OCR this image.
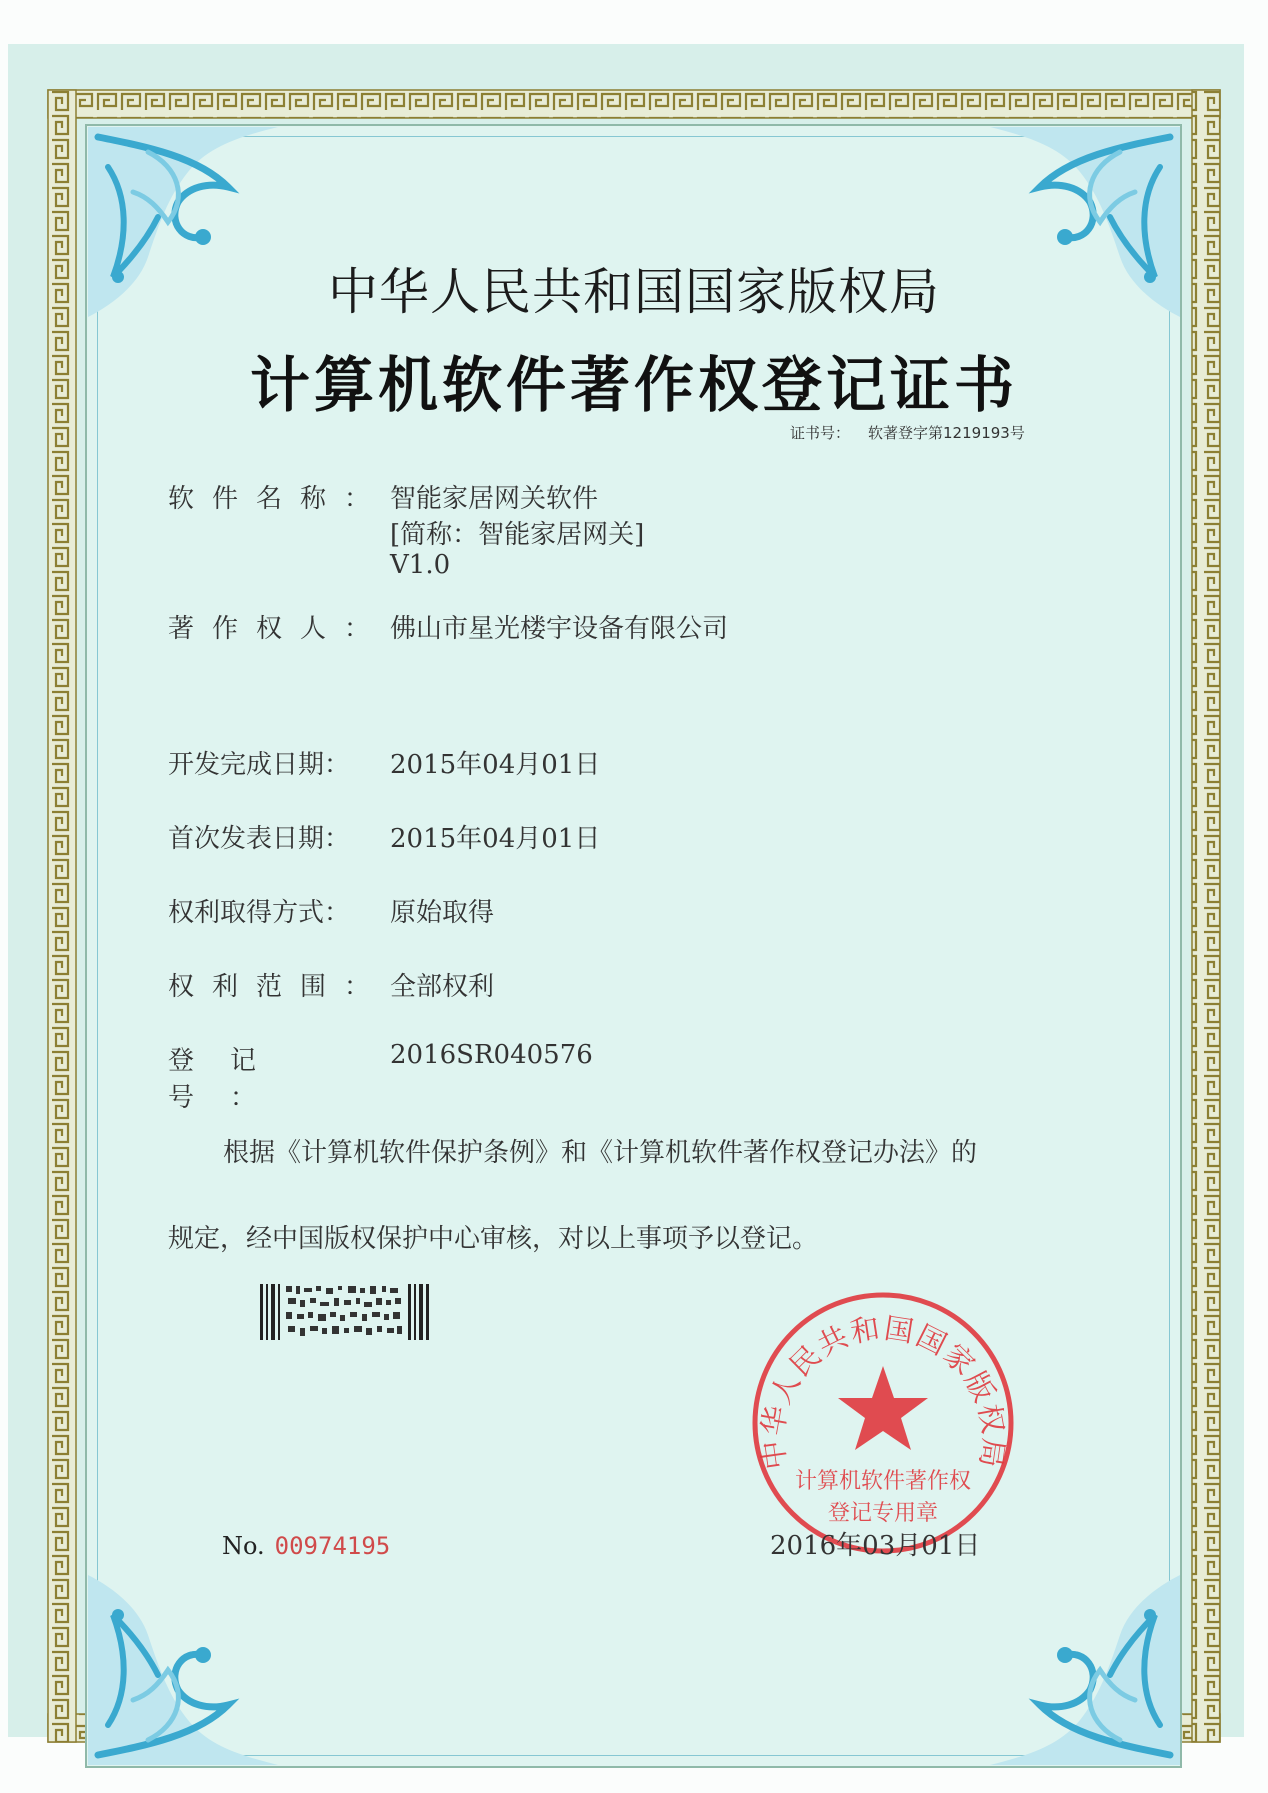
中华人民共和国国家版权局
计算机软件著作权登记证书
证书号： 软著登字第1219193号
软件名称： 智能家居网关软件
[简称：智能家居网关]
V1.0
著作权人： 佛山市星光楼宇设备有限公司
开发完成日期： 2015年04月01日
首次发表日期： 2015年04月01日
权利取得方式： 原始取得
权利范围： 全部权利
登记号：
2016SR040576

根据《计算机软件保护条例》和《计算机软件著作权登记办法》的

规定，经中国版权保护中心审核，对以上事项予以登记。

No. 00974195
中华人民共和国国家版权局
计算机软件著作权
登记专用章
2016年03月01日
